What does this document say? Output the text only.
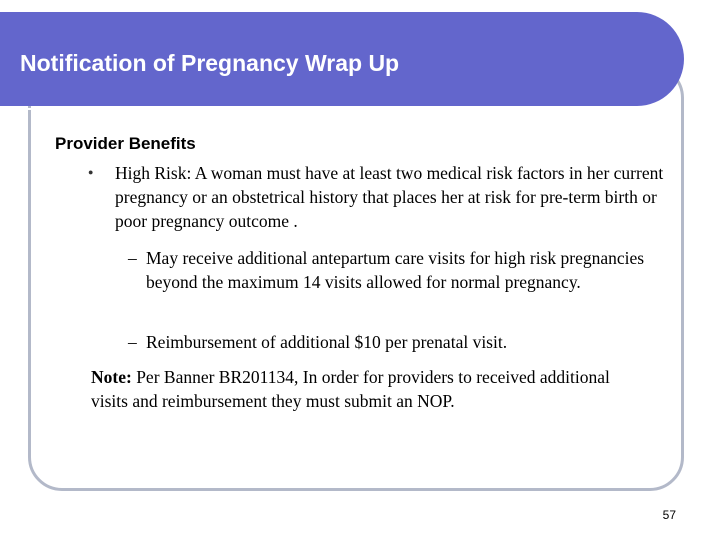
Notification of Pregnancy Wrap Up
Provider Benefits
●	High Risk: A woman must have at least two medical risk factors in her current pregnancy or an obstetrical history that places her at risk for pre-term birth or poor pregnancy outcome .

– May receive additional antepartum care visits for high risk pregnancies beyond the maximum 14 visits allowed for normal pregnancy.

– Reimbursement of additional $10 per prenatal visit.

Note: Per Banner BR201134, In order for providers to received additional visits and reimbursement they must submit an NOP.

57
